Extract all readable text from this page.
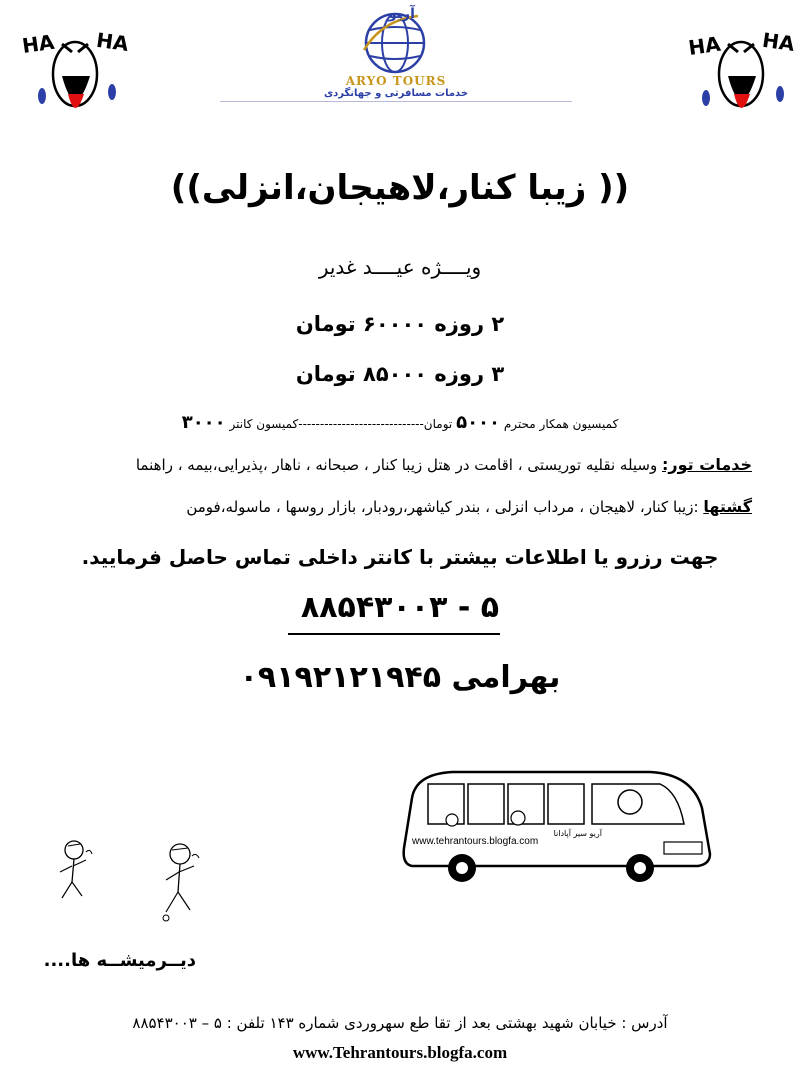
آریو
ARYO TOURS
خدمات مسافرتی و جهانگردی
HA HA	HA HA
(( زیبا کنار،لاهیجان،انزلی))
ویــــژه عیــــد غدیر
۲ روزه ۶۰۰۰۰ تومان
۳ روزه ۸۵۰۰۰ تومان
کمیسیون همکار محترم ۵۰۰۰ تومان-----------------------------کمیسون کانتر ۳۰۰۰
خدمات تور: وسیله نقلیه توریستی ، اقامت در هتل زیبا کنار ، صبحانه ، ناهار ،پذیرایی،بیمه ، راهنما
گشتها :زیبا کنار، لاهیجان ، مرداب انزلی ، بندر کیاشهر،رودبار، بازار روسها ، ماسوله،فومن
جهت رزرو یا اطلاعات بیشتر با کانتر داخلی تماس حاصل فرمایید.
۸۸۵۴۳۰۰۳ - ۵
بهرامی ۰۹۱۹۲۱۲۱۹۴۵
www.tehrantours.blogfa.com
آریو سیر آپادانا
دیــرمیشــه ها....
آدرس : خیابان شهید بهشتی بعد از تقا طع سهروردی شماره ۱۴۳ تلفن : ۵ – ۸۸۵۴۳۰۰۳
www.Tehrantours.blogfa.com
